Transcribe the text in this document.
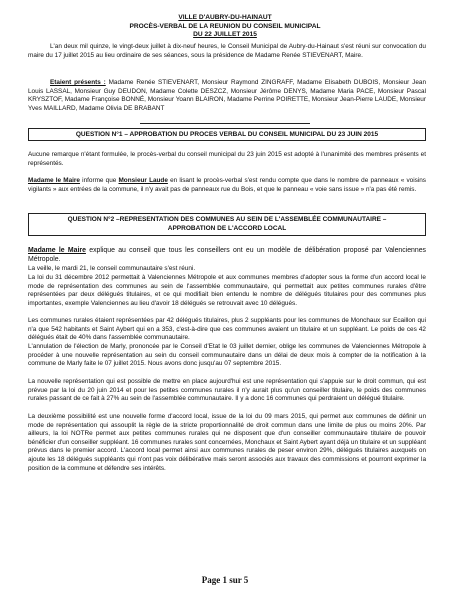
VILLE D'AUBRY-DU-HAINAUT
PROCÈS-VERBAL DE LA REUNION DU CONSEIL MUNICIPAL
DU 22 JUILLET 2015

L'an deux mil quinze, le vingt-deux juillet à dix-neuf heures, le Conseil Municipal de Aubry-du-Hainaut s'est réuni sur convocation du maire du 17 juillet 2015 au lieu ordinaire de ses séances, sous la présidence de Madame Renée STIEVENART, Maire.

Etaient présents : Madame Renée STIEVENART, Monsieur Raymond ZINGRAFF, Madame Elisabeth DUBOIS, Monsieur Jean Louis LASSAL, Monsieur Guy DEUDON, Madame Colette DESZCZ, Monsieur Jérôme DENYS, Madame Maria PACE, Monsieur Pascal KRYSZTOF, Madame Françoise BONNÉ, Monsieur Yoann BLAIRON, Madame Perrine POIRETTE, Monsieur Jean-Pierre LAUDE, Monsieur Yves MAILLARD, Madame Olivia DE BRABANT

QUESTION N°1 – APPROBATION DU PROCES VERBAL DU CONSEIL MUNICIPAL DU 23 JUIN 2015

Aucune remarque n'étant formulée, le procès-verbal du conseil municipal du 23 juin 2015 est adopté à l'unanimité des membres présents et représentés.

Madame le Maire informe que Monsieur Laude en lisant le procès-verbal s'est rendu compte que dans le nombre de panneaux « voisins vigilants » aux entrées de la commune, il n'y avait pas de panneaux rue du Bois, et que le panneau « voie sans issue » n'a pas été remis.

QUESTION N°2 –REPRESENTATION DES COMMUNES AU SEIN DE L'ASSEMBLÉE COMMUNAUTAIRE –
APPROBATION DE L'ACCORD LOCAL

Madame le Maire explique au conseil que tous les conseillers ont eu un modèle de délibération proposé par Valenciennes Métropole.

La veille, le mardi 21, le conseil communautaire s'est réuni.

La loi du 31 décembre 2012 permettait à Valenciennes Métropole et aux communes membres d'adopter sous la forme d'un accord local le mode de représentation des communes au sein de l'assemblée communautaire, qui permettait aux petites communes rurales d'être représentées par deux délégués titulaires, et ce qui modifiait bien entendu le nombre de délégués titulaires pour des communes plus importantes, exemple Valenciennes au lieu d'avoir 18 délégués se retrouvait avec 10 délégués.

Les communes rurales étaient représentées par 42 délégués titulaires, plus 2 suppléants pour les communes de Monchaux sur Ecaillon qui n'a que 542 habitants et Saint Aybert qui en a 353, c'est-à-dire que ces communes avaient un titulaire et un suppléant. Le poids de ces 42 délégués était de 40% dans l'assemblée communautaire.

L'annulation de l'élection de Marly, prononcée par le Conseil d'Etat le 03 juillet dernier, oblige les communes de Valenciennes Métropole à procéder à une nouvelle représentation au sein du conseil communautaire dans un délai de deux mois à compter de la notification à la commune de Marly faite le 07 juillet 2015. Nous avons donc jusqu'au 07 septembre 2015.

La nouvelle représentation qui est possible de mettre en place aujourd'hui est une représentation qui s'appuie sur le droit commun, qui est prévue par la loi du 20 juin 2014 et pour les petites communes rurales il n'y aurait plus qu'un conseiller titulaire, le poids des communes rurales passant de ce fait à 27% au sein de l'assemblée communautaire. Il y a donc 16 communes qui perdraient un délégué titulaire.

La deuxième possibilité est une nouvelle forme d'accord local, issue de la loi du 09 mars 2015, qui permet aux communes de définir un mode de représentation qui assouplit la règle de la stricte proportionnalité de droit commun dans une limite de plus ou moins 20%. Par ailleurs, la loi NOTRe permet aux petites communes rurales qui ne disposent que d'un conseiller communautaire titulaire de pouvoir bénéficier d'un conseiller suppléant. 16 communes rurales sont concernées, Monchaux et Saint Aybert ayant déjà un titulaire et un suppléant prévus dans le premier accord. L'accord local permet ainsi aux communes rurales de peser environ 29%, délégués titulaires auxquels on ajoute les 18 délégués suppléants qui n'ont pas voix délibérative mais seront associés aux travaux des commissions et pourront exprimer la position de la commune et défendre ses intérêts.

Page 1 sur 5
